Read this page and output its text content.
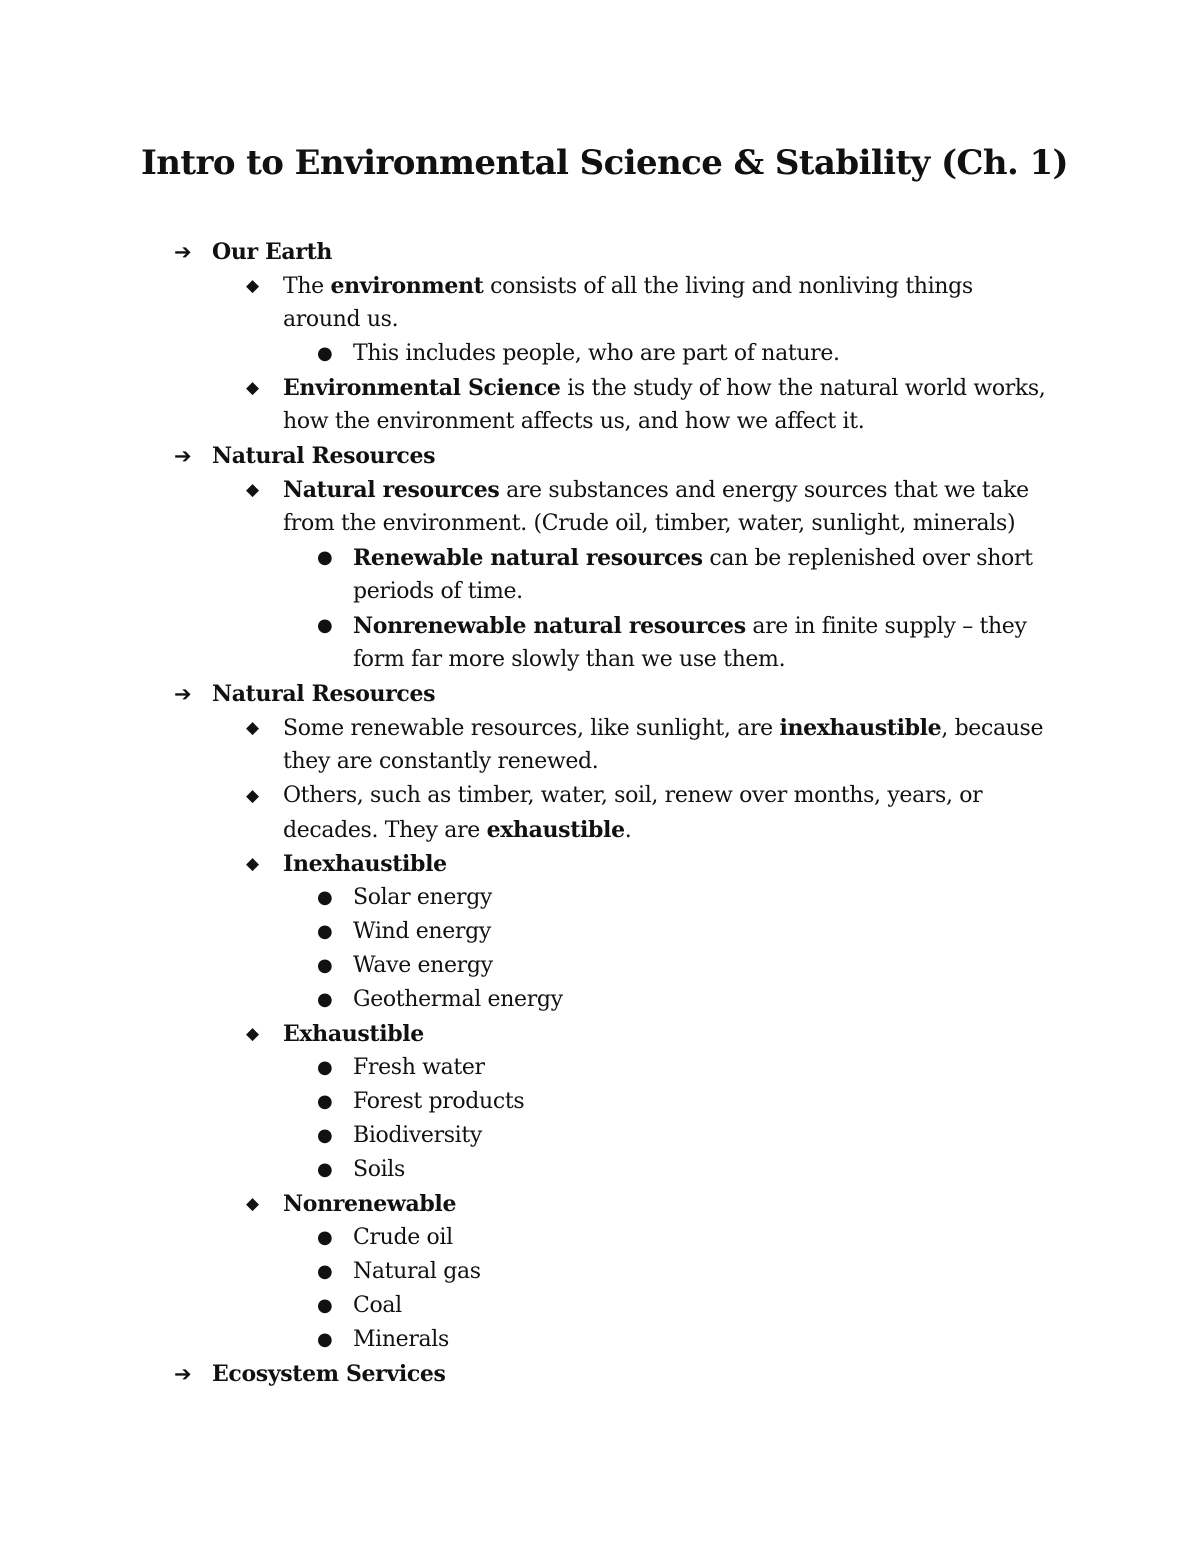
Intro to Environmental Science & Stability (Ch. 1)
➔ Our Earth
◆ The environment consists of all the living and nonliving things
around us.
● This includes people, who are part of nature.
◆ Environmental Science is the study of how the natural world works,
how the environment affects us, and how we affect it.
➔ Natural Resources
◆ Natural resources are substances and energy sources that we take
from the environment. (Crude oil, timber, water, sunlight, minerals)
● Renewable natural resources can be replenished over short
periods of time.
● Nonrenewable natural resources are in finite supply – they
form far more slowly than we use them.
➔ Natural Resources
◆ Some renewable resources, like sunlight, are inexhaustible, because
they are constantly renewed.
◆ Others, such as timber, water, soil, renew over months, years, or
decades. They are exhaustible.
◆ Inexhaustible
● Solar energy
● Wind energy
● Wave energy
● Geothermal energy
◆ Exhaustible
● Fresh water
● Forest products
● Biodiversity
● Soils
◆ Nonrenewable
● Crude oil
● Natural gas
● Coal
● Minerals
➔ Ecosystem Services
